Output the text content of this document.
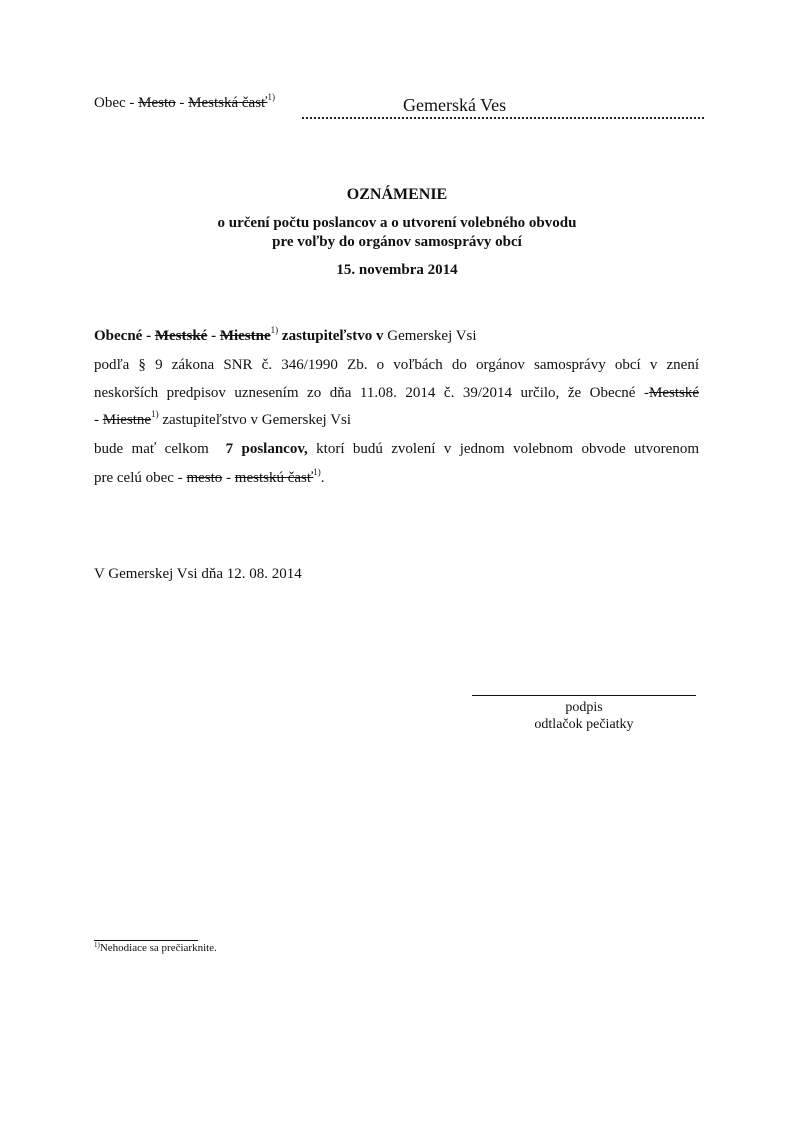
Obec - Mesto - Mestská časť$^{1)}$	Gemerská Ves
OZNÁMENIE
o určení počtu poslancov a o utvorení volebného obvodu
pre voľby do orgánov samosprávy obcí
15. novembra 2014
Obecné - Mestské - Miestne$^{1)}$ zastupiteľstvo v Gemerskej Vsi
podľa § 9 zákona SNR č. 346/1990 Zb. o voľbách do orgánov samosprávy obcí v znení
neskorších predpisov uznesením zo dňa 11.08. 2014 č. 39/2014 určilo, že Obecné -Mestské
- Miestne$^{1)}$ zastupiteľstvo v Gemerskej Vsi
bude mať celkom  7 poslancov, ktorí budú zvolení v jednom volebnom obvode utvorenom
pre celú obec - mesto - mestskú časť$^{1)}$.
V Gemerskej Vsi dňa 12. 08. 2014
podpis
odtlačok pečiatky
$^{1)}$Nehodiace sa prečiarknite.
